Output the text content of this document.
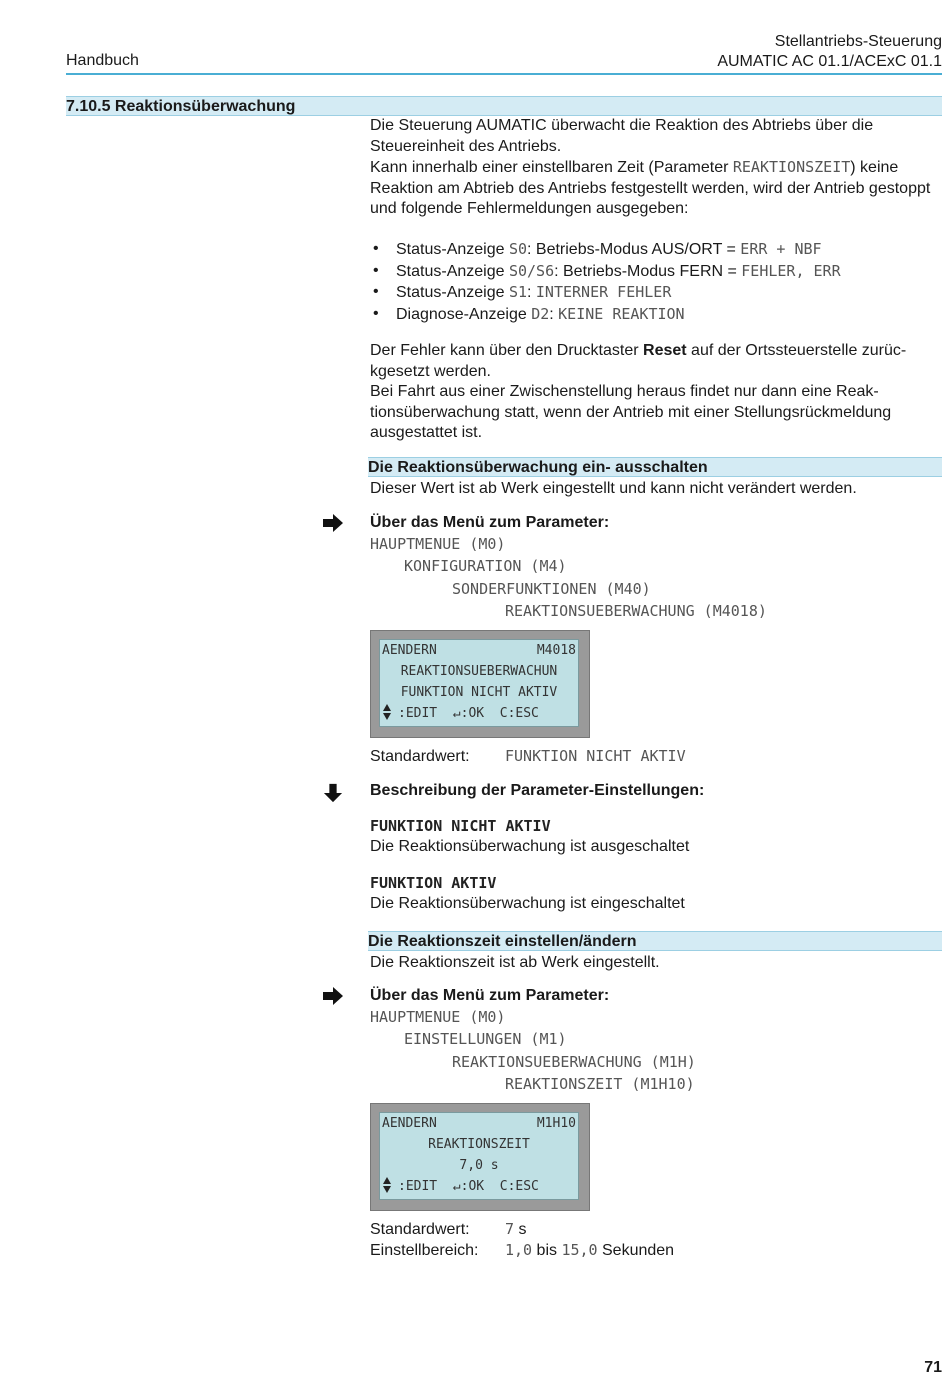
Handbuch
Stellantriebs-Steuerung
AUMATIC AC 01.1/ACExC 01.1
7.10.5 Reaktionsüberwachung

Die Steuerung AUMATIC überwacht die Reaktion des Abtriebs über die Steuereinheit des Antriebs.

Kann innerhalb einer einstellbaren Zeit (Parameter REAKTIONSZEIT) keine Reaktion am Abtrieb des Antriebs festgestellt werden, wird der Antrieb gestoppt und folgende Fehlermeldungen ausgegeben:

• Status-Anzeige S0: Betriebs-Modus AUS/ORT = ERR + NBF
• Status-Anzeige S0/S6: Betriebs-Modus FERN = FEHLER, ERR
• Status-Anzeige S1: INTERNER FEHLER
• Diagnose-Anzeige D2: KEINE REAKTION

Der Fehler kann über den Drucktaster Reset auf der Ortssteuerstelle zurüc- kgesetzt werden.

Bei Fahrt aus einer Zwischenstellung heraus findet nur dann eine Reak- tionsüberwachung statt, wenn der Antrieb mit einer Stellungsrückmeldung ausgestattet ist.

Die Reaktionsüberwachung ein- ausschalten
Dieser Wert ist ab Werk eingestellt und kann nicht verändert werden.
Über das Menü zum Parameter:
HAUPTMENUE (M0)
KONFIGURATION (M4)
SONDERFUNKTIONEN (M40)
REAKTIONSUEBERWACHUNG (M4018)
AENDERN	M4018
REAKTIONSUEBERWACHUN
FUNKTION NICHT AKTIV
:EDIT  ↵:OK  C:ESC
Standardwert: FUNKTION NICHT AKTIV
Beschreibung der Parameter-Einstellungen:
FUNKTION NICHT AKTIV
Die Reaktionsüberwachung ist ausgeschaltet
FUNKTION AKTIV
Die Reaktionsüberwachung ist eingeschaltet
Die Reaktionszeit einstellen/ändern
Die Reaktionszeit ist ab Werk eingestellt.
Über das Menü zum Parameter:
HAUPTMENUE (M0)
EINSTELLUNGEN (M1)
REAKTIONSUEBERWACHUNG (M1H)
REAKTIONSZEIT (M1H10)
AENDERN	M1H10
REAKTIONSZEIT
7,0 s
:EDIT  ↵:OK  C:ESC
Standardwert: 7 s
Einstellbereich: 1,0 bis 15,0 Sekunden
71
